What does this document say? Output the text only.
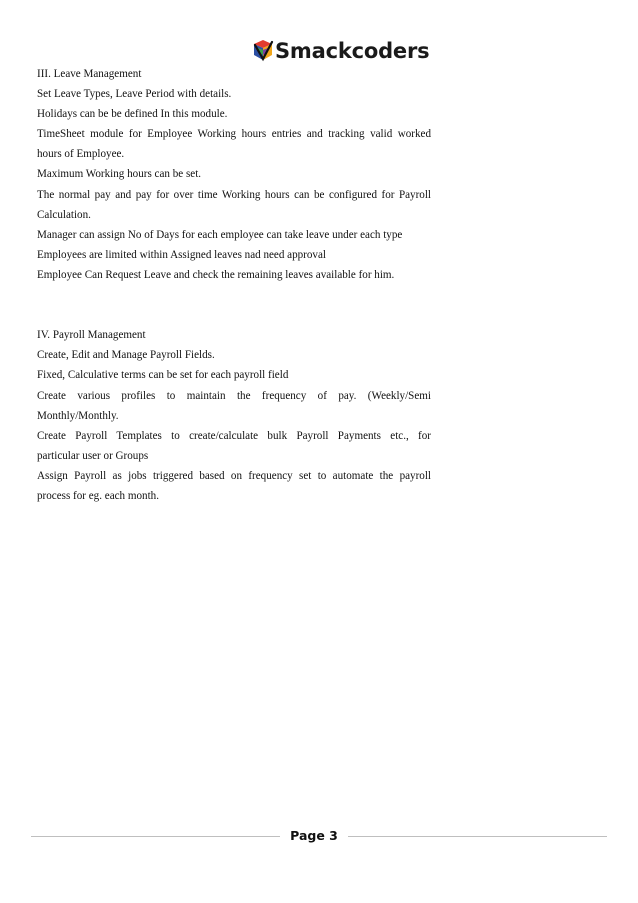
Smackcoders
III. Leave Management
Set Leave Types, Leave Period with details.
Holidays can be be defined In this module.
TimeSheet module for Employee Working hours entries and tracking valid worked
hours of Employee.
Maximum Working hours can be set.
The normal pay and pay for over time Working hours can be configured for Payroll
Calculation.
Manager can assign No of Days for each employee can take leave under each type
Employees are limited within Assigned leaves nad need approval
Employee Can Request Leave and check the remaining leaves available for him.
IV. Payroll Management
Create, Edit and Manage Payroll Fields.
Fixed, Calculative terms can be set for each payroll field
Create various profiles to maintain the frequency of pay. (Weekly/Semi
Monthly/Monthly.
Create Payroll Templates to create/calculate bulk Payroll Payments etc., for
particular user or Groups
Assign Payroll as jobs triggered based on frequency set to automate the payroll
process for eg. each month.
Page 3
